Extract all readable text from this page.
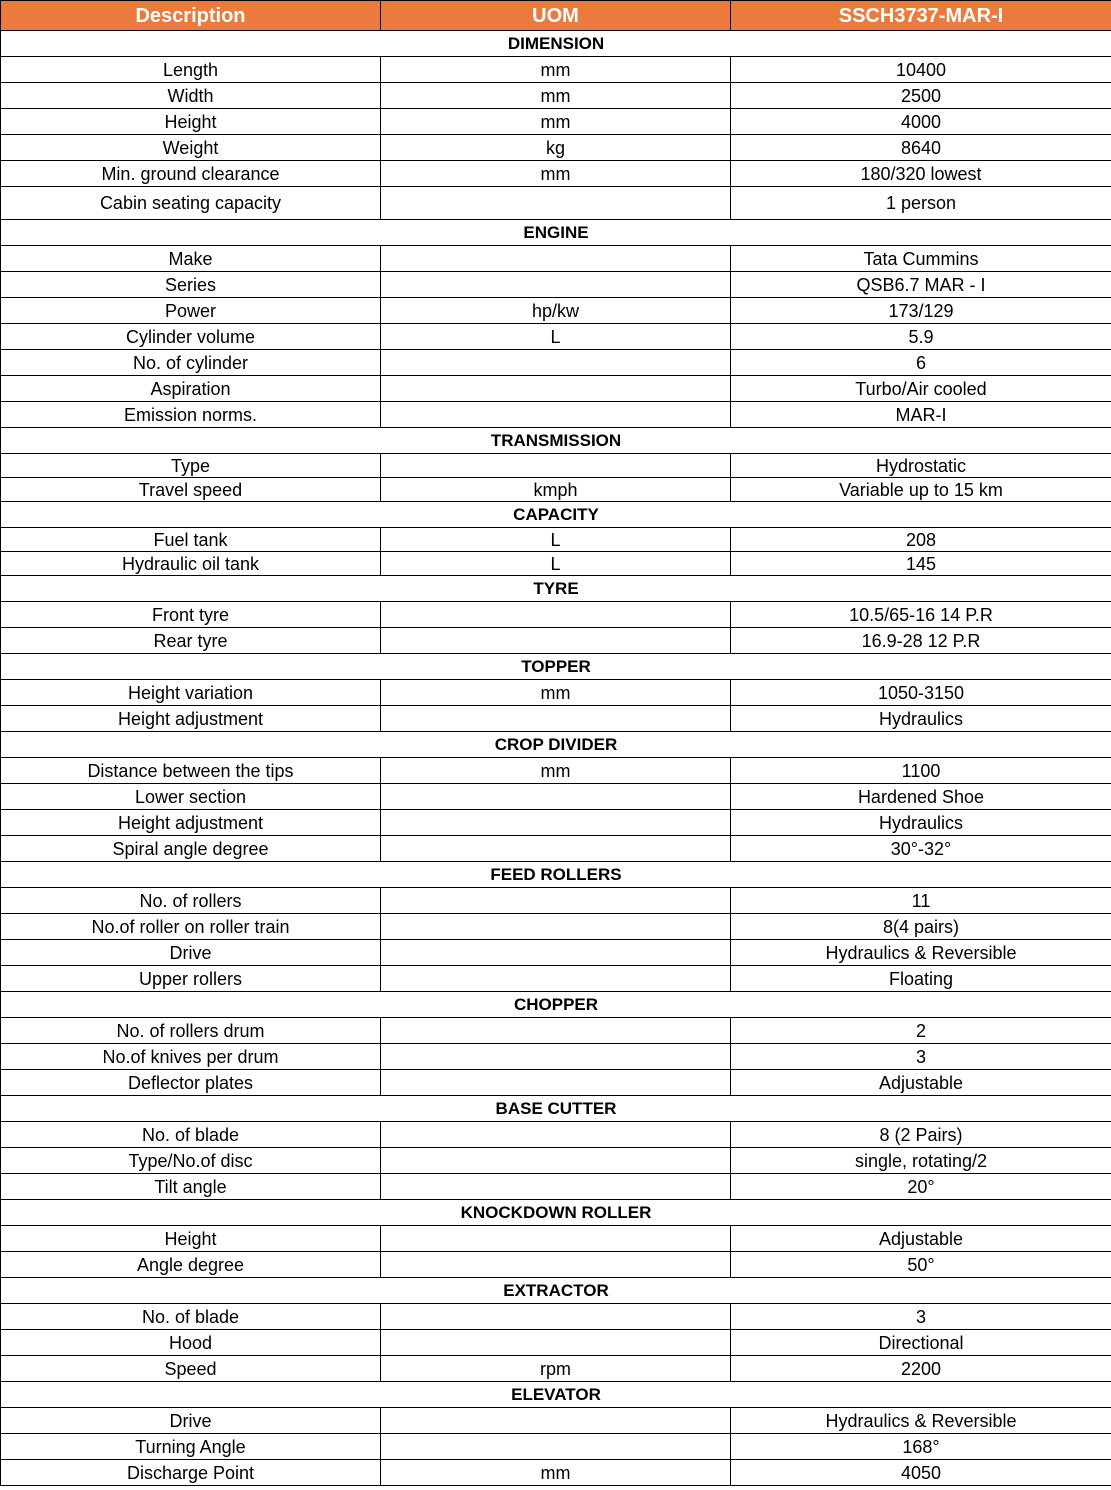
Description	UOM	SSCH3737-MAR-I
DIMENSION		
Length	mm	10400
Width	mm	2500
Height	mm	4000
Weight	kg	8640
Min. ground clearance	mm	180/320 lowest
Cabin seating capacity		1 person
ENGINE		
Make		Tata Cummins
Series		QSB6.7 MAR - I
Power	hp/kw	173/129
Cylinder volume	L	5.9
No. of cylinder		6
Aspiration		Turbo/Air cooled
Emission norms.		MAR-I
TRANSMISSION		
Type		Hydrostatic
Travel speed	kmph	Variable up to 15 km
CAPACITY		
Fuel tank	L	208
Hydraulic oil tank	L	145
TYRE		
Front tyre		10.5/65-16 14 P.R
Rear tyre		16.9-28 12 P.R
TOPPER		
Height variation	mm	1050-3150
Height adjustment		Hydraulics
CROP DIVIDER		
Distance between the tips	mm	1100
Lower section		Hardened Shoe
Height adjustment		Hydraulics
Spiral angle degree		30°-32°
FEED ROLLERS		
No. of rollers		11
No.of roller on roller train		8(4 pairs)
Drive		Hydraulics & Reversible
Upper rollers		Floating
CHOPPER		
No. of rollers drum		2
No.of knives per drum		3
Deflector plates		Adjustable
BASE CUTTER		
No. of blade		8 (2 Pairs)
Type/No.of disc		single, rotating/2
Tilt angle		20°
KNOCKDOWN ROLLER		
Height		Adjustable
Angle degree		50°
EXTRACTOR		
No. of blade		3
Hood		Directional
Speed	rpm	2200
ELEVATOR		
Drive		Hydraulics & Reversible
Turning Angle		168°
Discharge Point	mm	4050
